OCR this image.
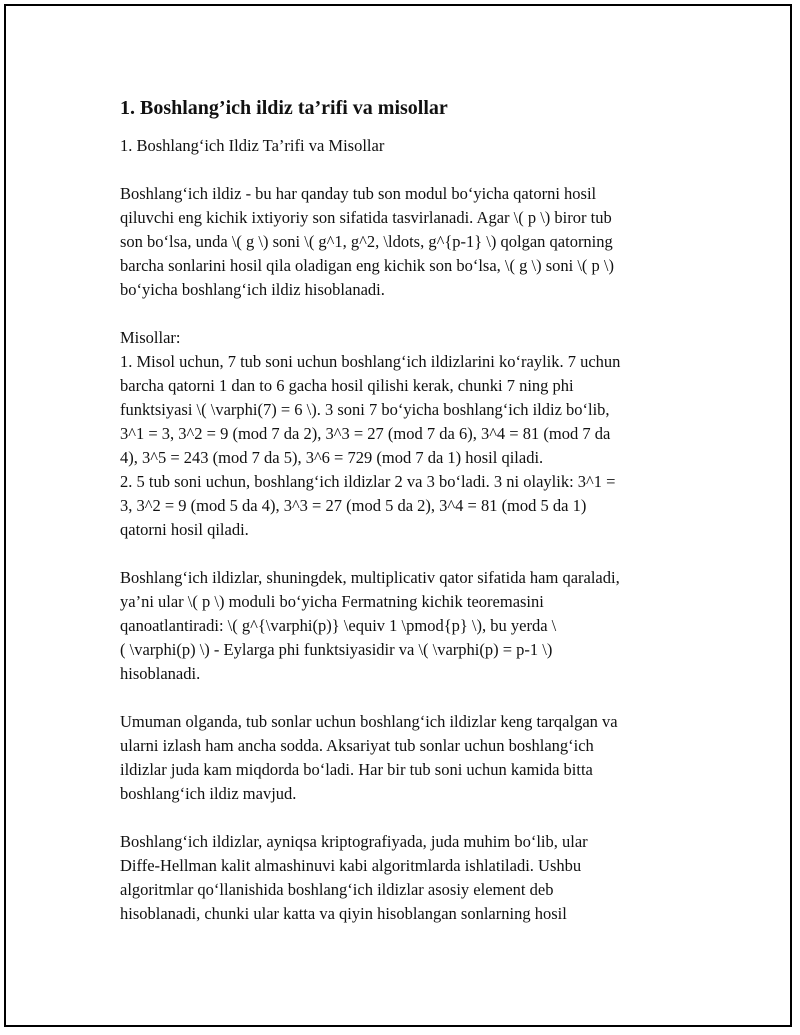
1. Boshlang’ich ildiz ta’rifi va misollar

1. Boshlang‘ich Ildiz Ta’rifi va Misollar

Boshlang‘ich ildiz - bu har qanday tub son modul bo‘yicha qatorni hosil
qiluvchi eng kichik ixtiyoriy son sifatida tasvirlanadi. Agar \( p \) biror tub
son bo‘lsa, unda \( g \) soni \( g^1, g^2, \ldots, g^{p-1} \) qolgan qatorning
barcha sonlarini hosil qila oladigan eng kichik son bo‘lsa, \( g \) soni \( p \)
bo‘yicha boshlang‘ich ildiz hisoblanadi.

Misollar:
1. Misol uchun, 7 tub soni uchun boshlang‘ich ildizlarini ko‘raylik. 7 uchun
barcha qatorni 1 dan to 6 gacha hosil qilishi kerak, chunki 7 ning phi
funktsiyasi \( \varphi(7) = 6 \). 3 soni 7 bo‘yicha boshlang‘ich ildiz bo‘lib,
3^1 = 3, 3^2 = 9 (mod 7 da 2), 3^3 = 27 (mod 7 da 6), 3^4 = 81 (mod 7 da
4), 3^5 = 243 (mod 7 da 5), 3^6 = 729 (mod 7 da 1) hosil qiladi.
2. 5 tub soni uchun, boshlang‘ich ildizlar 2 va 3 bo‘ladi. 3 ni olaylik: 3^1 =
3, 3^2 = 9 (mod 5 da 4), 3^3 = 27 (mod 5 da 2), 3^4 = 81 (mod 5 da 1)
qatorni hosil qiladi.

Boshlang‘ich ildizlar, shuningdek, multiplicativ qator sifatida ham qaraladi,
ya’ni ular \( p \) moduli bo‘yicha Fermatning kichik teoremasini
qanoatlantiradi: \( g^{\varphi(p)} \equiv 1 \pmod{p} \), bu yerda \
( \varphi(p) \) - Eylarga phi funktsiyasidir va \( \varphi(p) = p-1 \)
hisoblanadi.

Umuman olganda, tub sonlar uchun boshlang‘ich ildizlar keng tarqalgan va
ularni izlash ham ancha sodda. Aksariyat tub sonlar uchun boshlang‘ich
ildizlar juda kam miqdorda bo‘ladi. Har bir tub soni uchun kamida bitta
boshlang‘ich ildiz mavjud.

Boshlang‘ich ildizlar, ayniqsa kriptografiyada, juda muhim bo‘lib, ular
Diffe-Hellman kalit almashinuvi kabi algoritmlarda ishlatiladi. Ushbu
algoritmlar qo‘llanishida boshlang‘ich ildizlar asosiy element deb
hisoblanadi, chunki ular katta va qiyin hisoblangan sonlarning hosil
